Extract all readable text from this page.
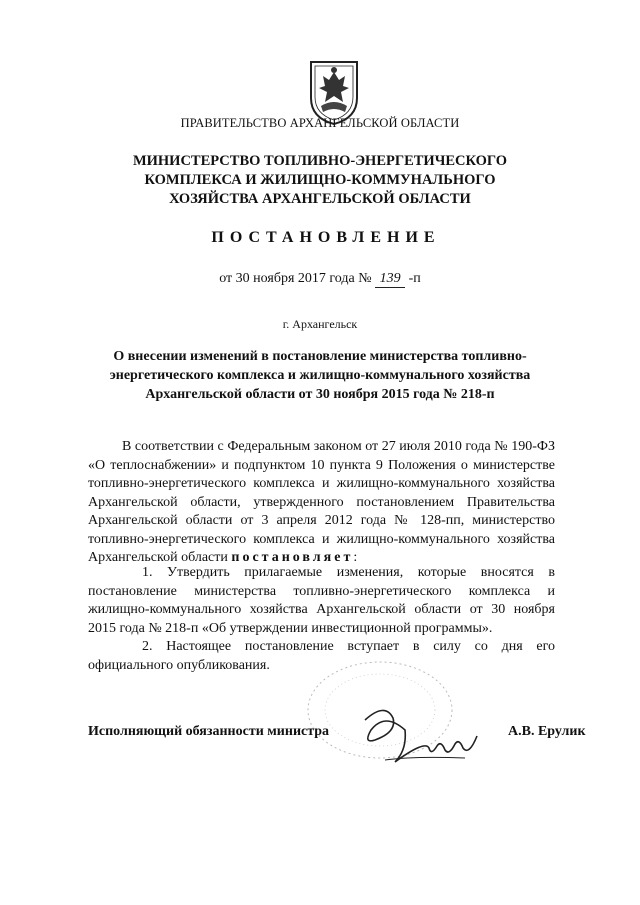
ПРАВИТЕЛЬСТВО АРХАНГЕЛЬСКОЙ ОБЛАСТИ
МИНИСТЕРСТВО ТОПЛИВНО-ЭНЕРГЕТИЧЕСКОГО
КОМПЛЕКСА И ЖИЛИЩНО-КОММУНАЛЬНОГО
ХОЗЯЙСТВА АРХАНГЕЛЬСКОЙ ОБЛАСТИ
ПОСТАНОВЛЕНИЕ
от 30 ноября 2017 года № 139 -п
г. Архангельск
О внесении изменений в постановление министерства топливно-
энергетического комплекса и жилищно-коммунального хозяйства
Архангельской области от 30 ноября 2015 года № 218-п
В соответствии с Федеральным законом от 27 июля 2010 года № 190-ФЗ «О теплоснабжении» и подпунктом 10 пункта 9 Положения о министерстве топливно-энергетического комплекса и жилищно-коммунального хозяйства Архангельской области, утвержденного постановлением Правительства Архангельской области от 3 апреля 2012 года № 128-пп, министерство топливно-энергетического комплекса и жилищно-коммунального хозяйства Архангельской области постановляет:
1. Утвердить прилагаемые изменения, которые вносятся в постановление министерства топливно-энергетического комплекса и жилищно-коммунального хозяйства Архангельской области от 30 ноября 2015 года № 218-п «Об утверждении инвестиционной программы».
2. Настоящее постановление вступает в силу со дня его официального опубликования.
Исполняющий обязанности министра	А.В. Ерулик
